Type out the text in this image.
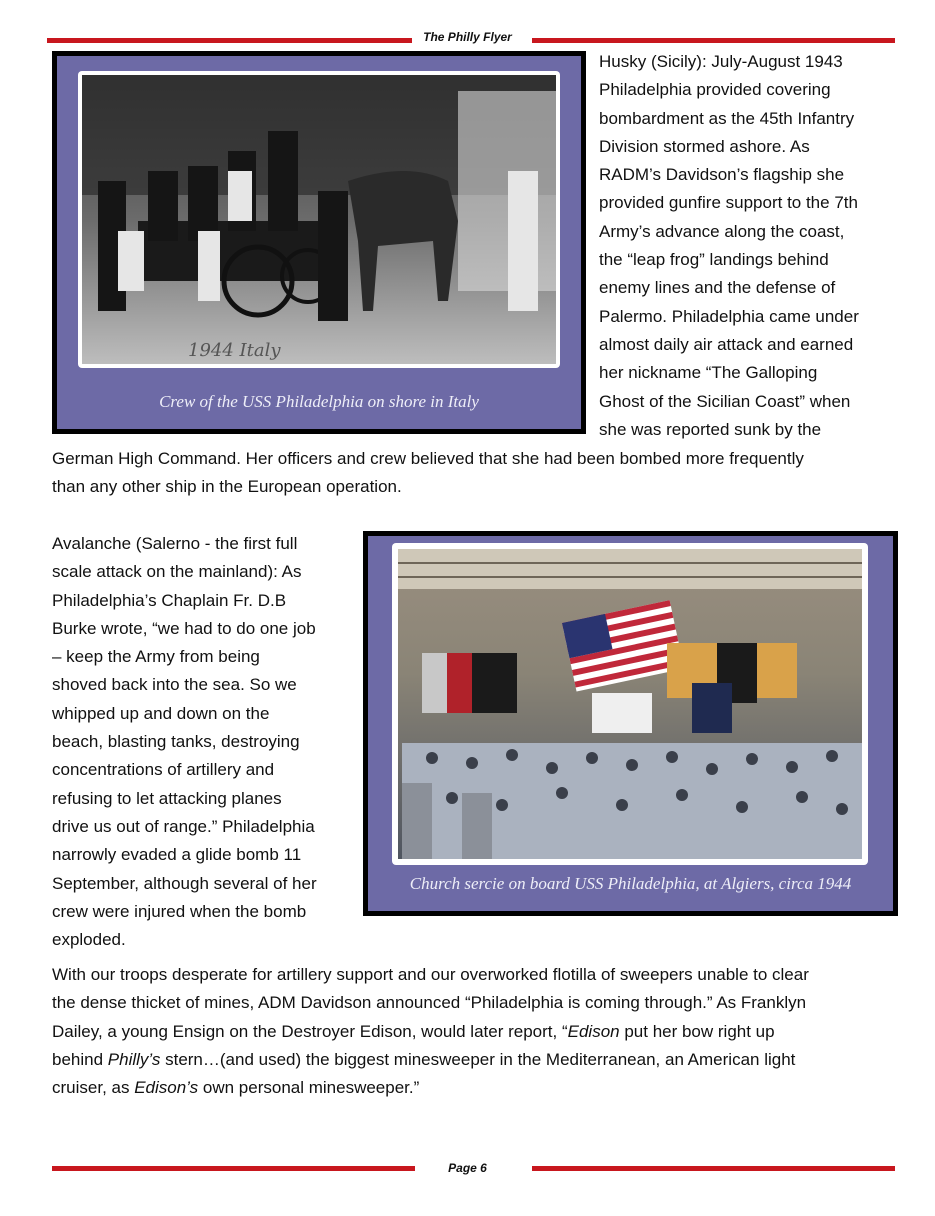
The Philly Flyer
1944 Italy
Crew of the USS Philadelphia on shore in Italy

Husky (Sicily): July-August 1943

Philadelphia provided covering

bombardment as the 45th Infantry

Division stormed ashore. As

RADM’s Davidson’s flagship she

provided gunfire support to the 7th

Army’s advance along the coast,

the “leap frog” landings behind

enemy lines and the defense of

Palermo. Philadelphia came under

almost daily air attack and earned

her nickname “The Galloping

Ghost of the Sicilian Coast” when

she was reported sunk by the

German High Command. Her officers and crew believed that she had been bombed more frequently

than any other ship in the European operation.

Church sercie on board USS Philadelphia, at Algiers, circa 1944

Avalanche (Salerno - the first full

scale attack on the mainland): As

Philadelphia’s Chaplain Fr. D.B

Burke wrote, “we had to do one job

– keep the Army from being

shoved back into the sea. So we

whipped up and down on the

beach, blasting tanks, destroying

concentrations of artillery and

refusing to let attacking planes

drive us out of range.” Philadelphia

narrowly evaded a glide bomb 11

September, although several of her

crew were injured when the bomb

exploded.

With our troops desperate for artillery support and our overworked flotilla of sweepers unable to clear

the dense thicket of mines, ADM Davidson announced “Philadelphia is coming through.” As Franklyn

Dailey, a young Ensign on the Destroyer Edison, would later report, “Edison put her bow right up

behind Philly’s stern…(and used) the biggest minesweeper in the Mediterranean, an American light

cruiser, as Edison’s own personal minesweeper.”

Page 6
